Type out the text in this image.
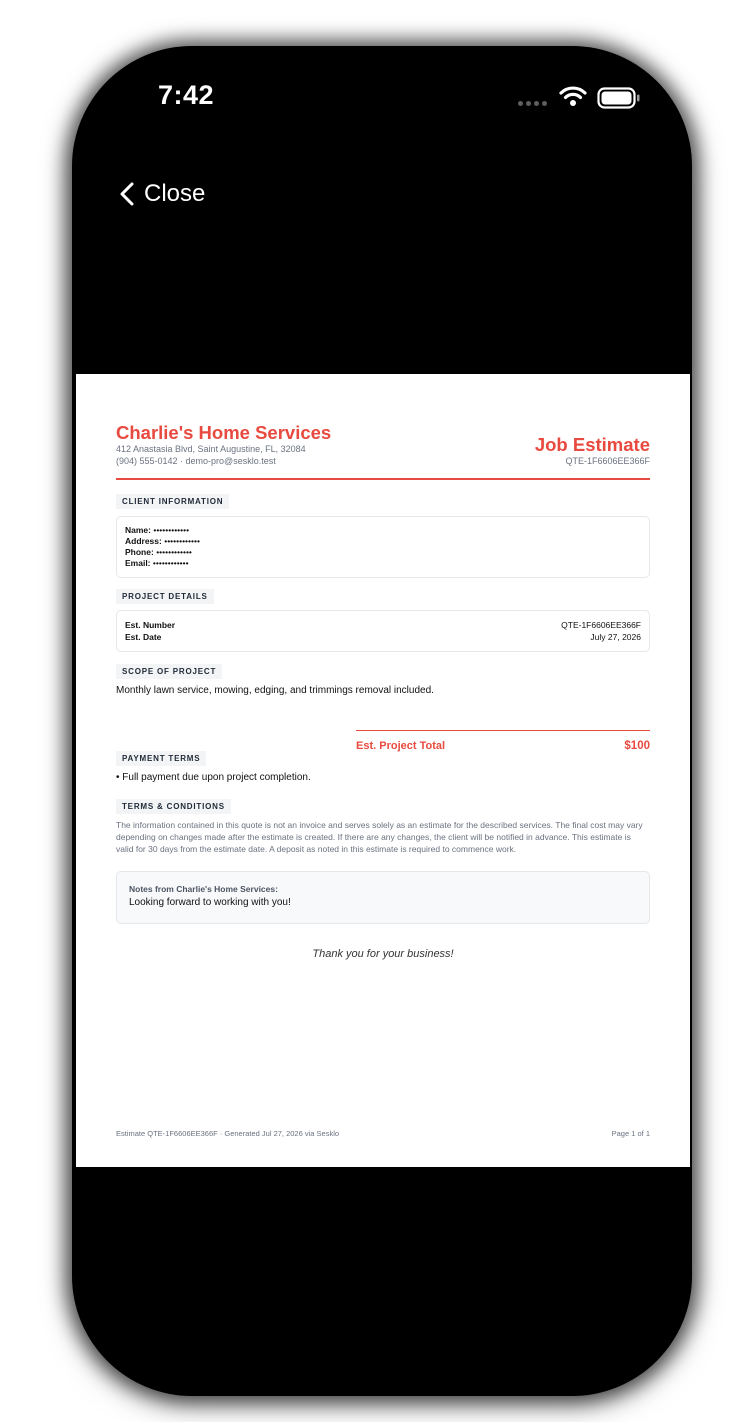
7:42
Close
Charlie's Home Services
412 Anastasia Blvd, Saint Augustine, FL, 32084
(904) 555-0142 · demo-pro@sesklo.test
Job Estimate
QTE-1F6606EE366F
CLIENT INFORMATION
Name: ••••••••••••
Address: ••••••••••••
Phone: ••••••••••••
Email: ••••••••••••
PROJECT DETAILS
Est. Number	QTE-1F6606EE366F
Est. Date	July 27, 2026
SCOPE OF PROJECT
Monthly lawn service, mowing, edging, and trimmings removal included.
Est. Project Total	$100
PAYMENT TERMS
• Full payment due upon project completion.
TERMS & CONDITIONS
The information contained in this quote is not an invoice and serves solely as an estimate for the described services. The final cost may vary depending on changes made after the estimate is created. If there are any changes, the client will be notified in advance. This estimate is valid for 30 days from the estimate date. A deposit as noted in this estimate is required to commence work.
Notes from Charlie's Home Services:
Looking forward to working with you!
Thank you for your business!
Estimate QTE-1F6606EE366F · Generated Jul 27, 2026 via Sesklo	Page 1 of 1
